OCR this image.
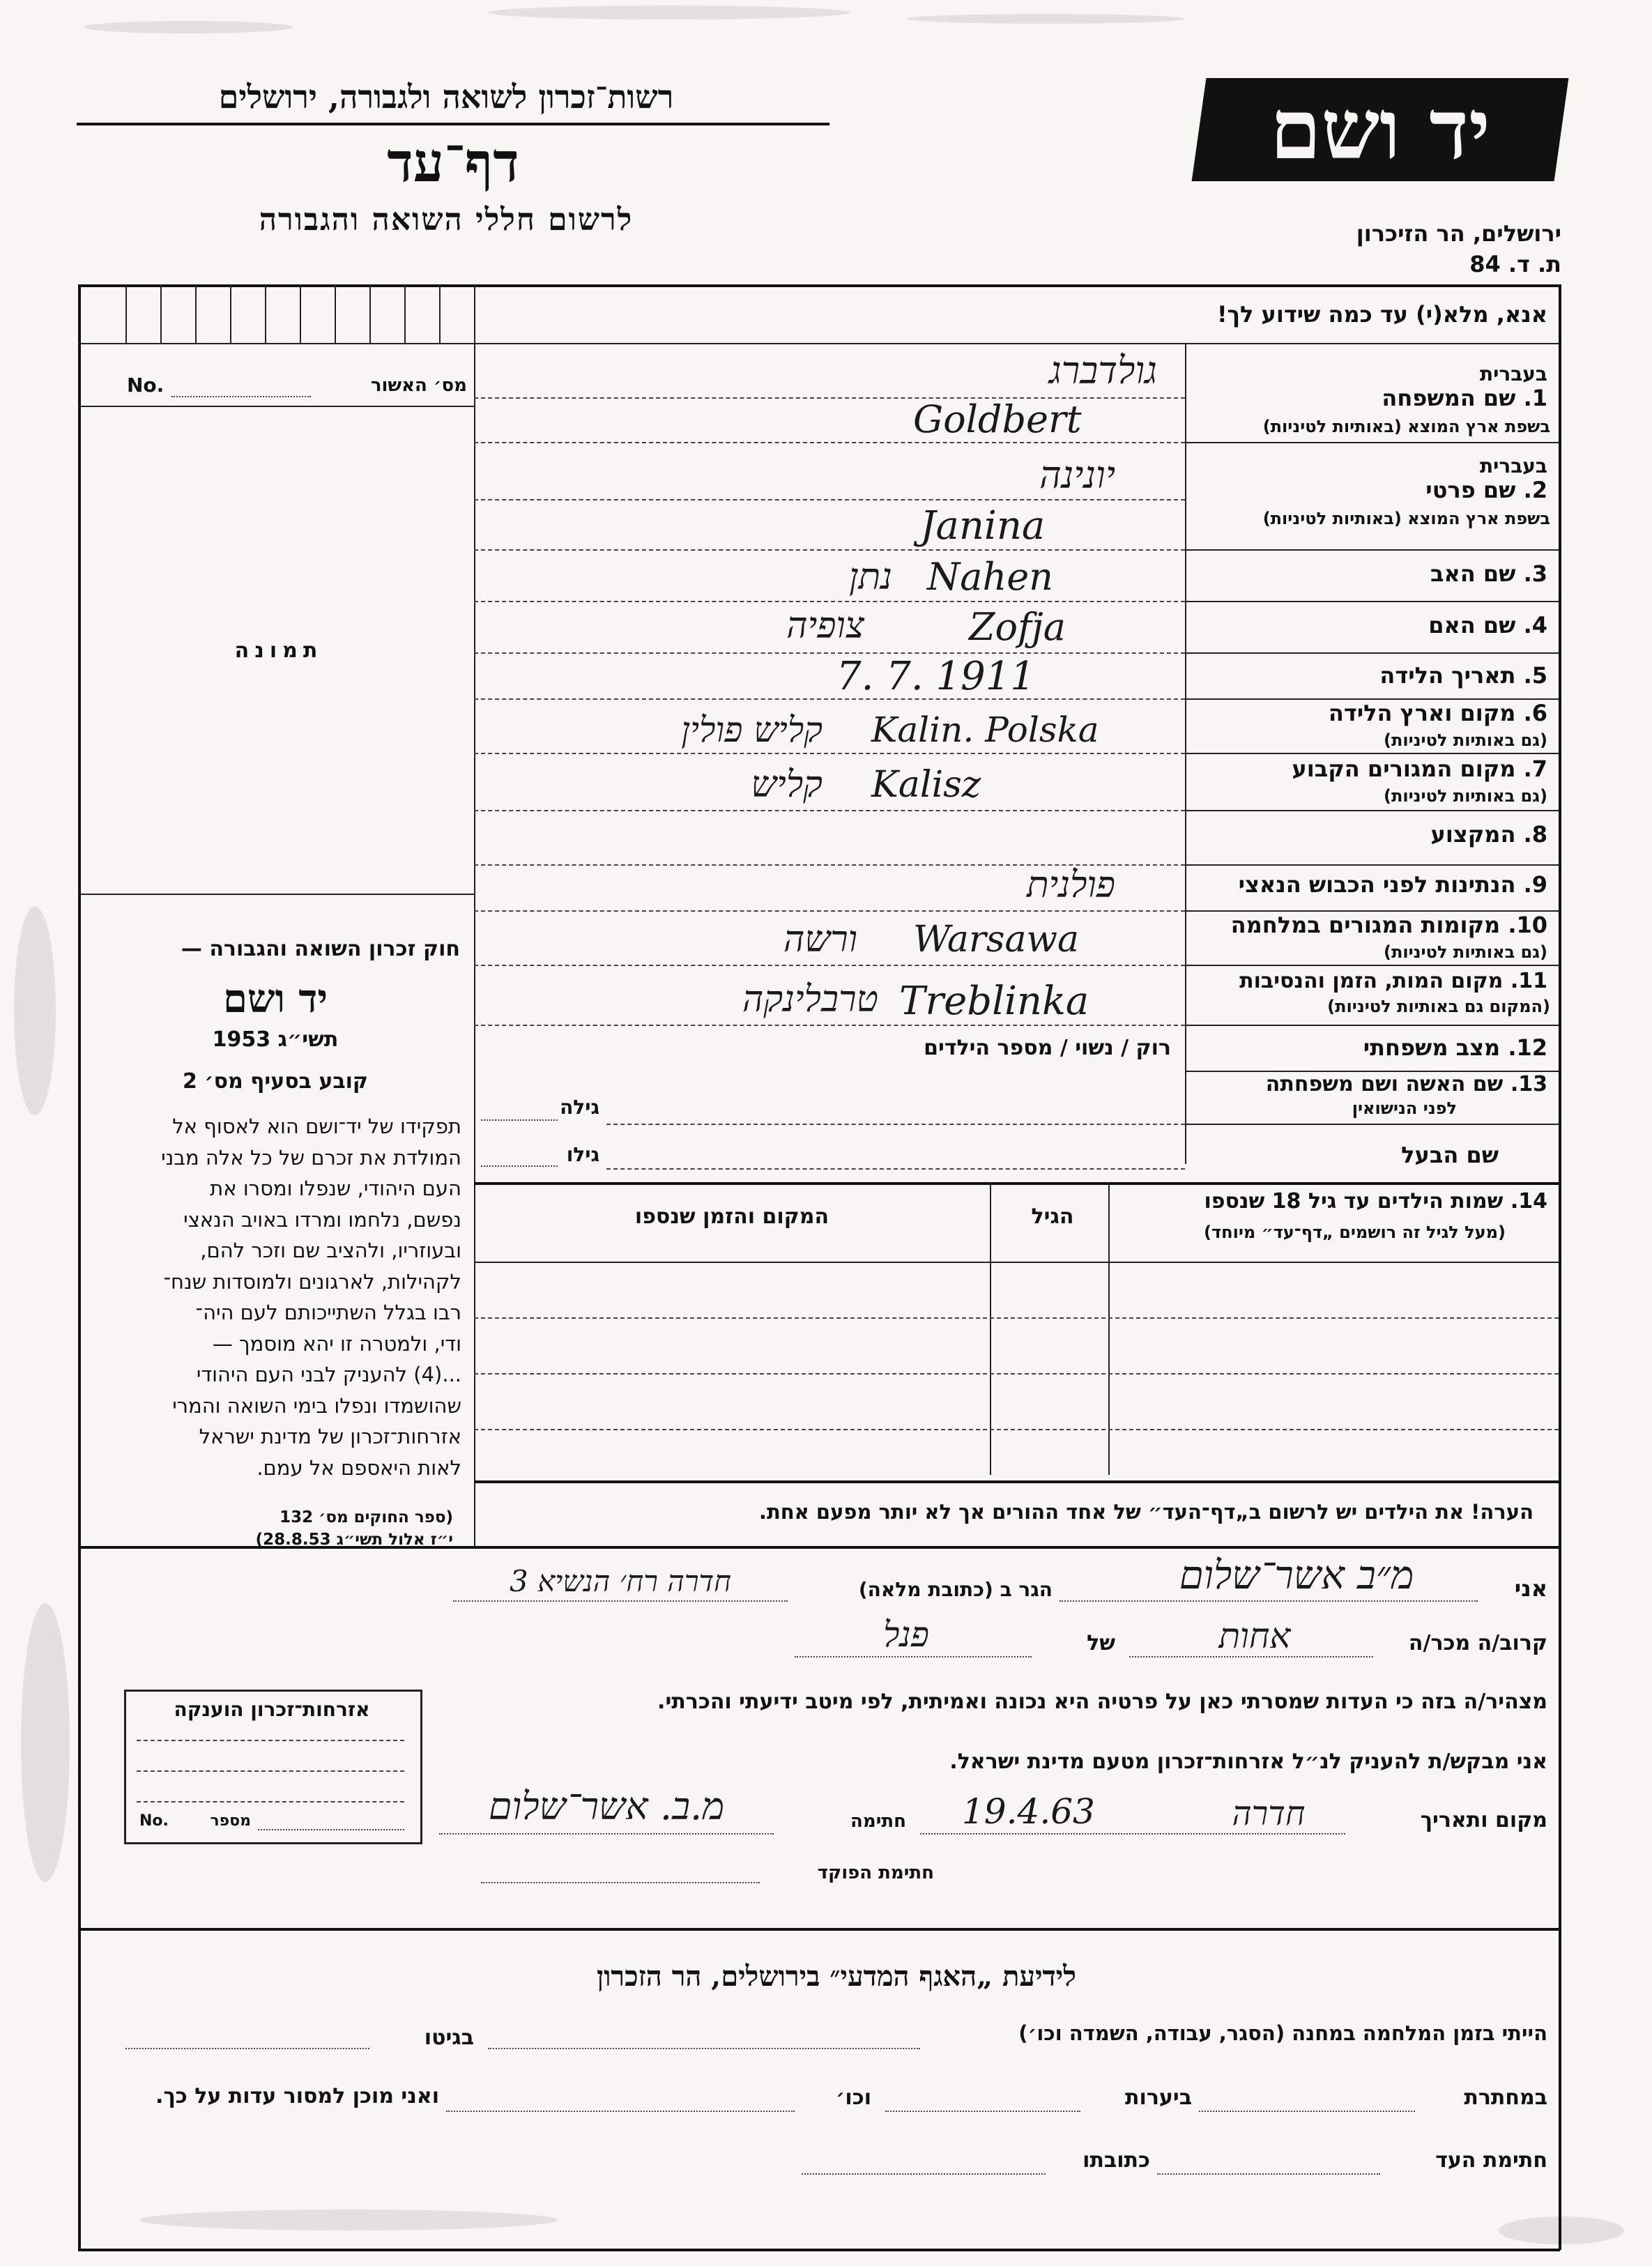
יד ושם
רשות־זכרון לשואה ולגבורה, ירושלים
דף־עד
לרשום חללי השואה והגבורה	ירושלים, הר הזיכרון
ת. ד. 84
אנא, מלא(י) עד כמה שידוע לך!
No.	מס׳ האשור
תמונה
חוק זכרון השואה והגבורה —
יד ושם
תשי״ג 1953
קובע בסעיף מס׳ 2
תפקידו של יד־ושם הוא לאסוף אל
המולדת את זכרם של כל אלה מבני
העם היהודי, שנפלו ומסרו את
נפשם, נלחמו ומרדו באויב הנאצי
ובעוזריו, ולהציב שם וזכר להם,
לקהילות, לארגונים ולמוסדות שנח־
רבו בגלל השתייכותם לעם היה־
ודי, ולמטרה זו יהא מוסמך —
...(4) להעניק לבני העם היהודי
שהושמדו ונפלו בימי השואה והמרי
אזרחות־זכרון של מדינת ישראל
לאות היאספם אל עמם.
(ספר החוקים מס׳ 132
י״ז אלול תשי״ג 28.8.53)
בעברית
1. שם המשפחה
בשפת ארץ המוצא (באותיות לטיניות)
גולדברג
Goldbert
בעברית
2. שם פרטי
בשפת ארץ המוצא (באותיות לטיניות)
יונינה
Janina
3. שם האב
נתן Nahen
4. שם האם
צופיה	Zofja
5. תאריך הלידה
7. 7. 1911
6. מקום וארץ הלידה
(גם באותיות לטיניות)
Kalin. Polska
קליש פולין
7. מקום המגורים הקבוע
(גם באותיות לטיניות)
Kalisz
קליש
8. המקצוע
9. הנתינות לפני הכבוש הנאצי
פולנית
10. מקומות המגורים במלחמה
(גם באותיות לטיניות)
Warsawa
ורשה
11. מקום המות, הזמן והנסיבות
(המקום גם באותיות לטיניות)
Treblinka
טרבלינקה
12. מצב משפחתי
רוק / נשוי / מספר הילדים
13. שם האשה ושם משפחתה
לפני הנישואין
גילה
שם הבעל
גילו
14. שמות הילדים עד גיל 18 שנספו
(מעל לגיל זה רושמים „דף־עד״ מיוחד)
הגיל
המקום והזמן שנספו
הערה! את הילדים יש לרשום ב„דף־העד״ של אחד ההורים אך לא יותר מפעם אחת.
אני
מ״ב אשר־שלום
הגר ב (כתובת מלאה)
חדרה רח׳ הנשיא 3
קרוב/ה מכר/ה
אחות
של
פנל
מצהיר/ה בזה כי העדות שמסרתי כאן על פרטיה היא נכונה ואמיתית, לפי מיטב ידיעתי והכרתי.
אני מבקש/ת להעניק לנ״ל אזרחות־זכרון מטעם מדינת ישראל.
מקום ותאריך
חדרה
19.4.63
חתימה
מ.ב. אשר־שלום
חתימת הפוקד
אזרחות־זכרון הוענקה
No.	מספר
לידיעת „האגף המדעי״ בירושלים, הר הזכרון
הייתי בזמן המלחמה במחנה (הסגר, עבודה, השמדה וכו׳)
בגיטו
במחתרת
ביערות
וכו׳
ואני מוכן למסור עדות על כך.
חתימת העד
כתובתו
